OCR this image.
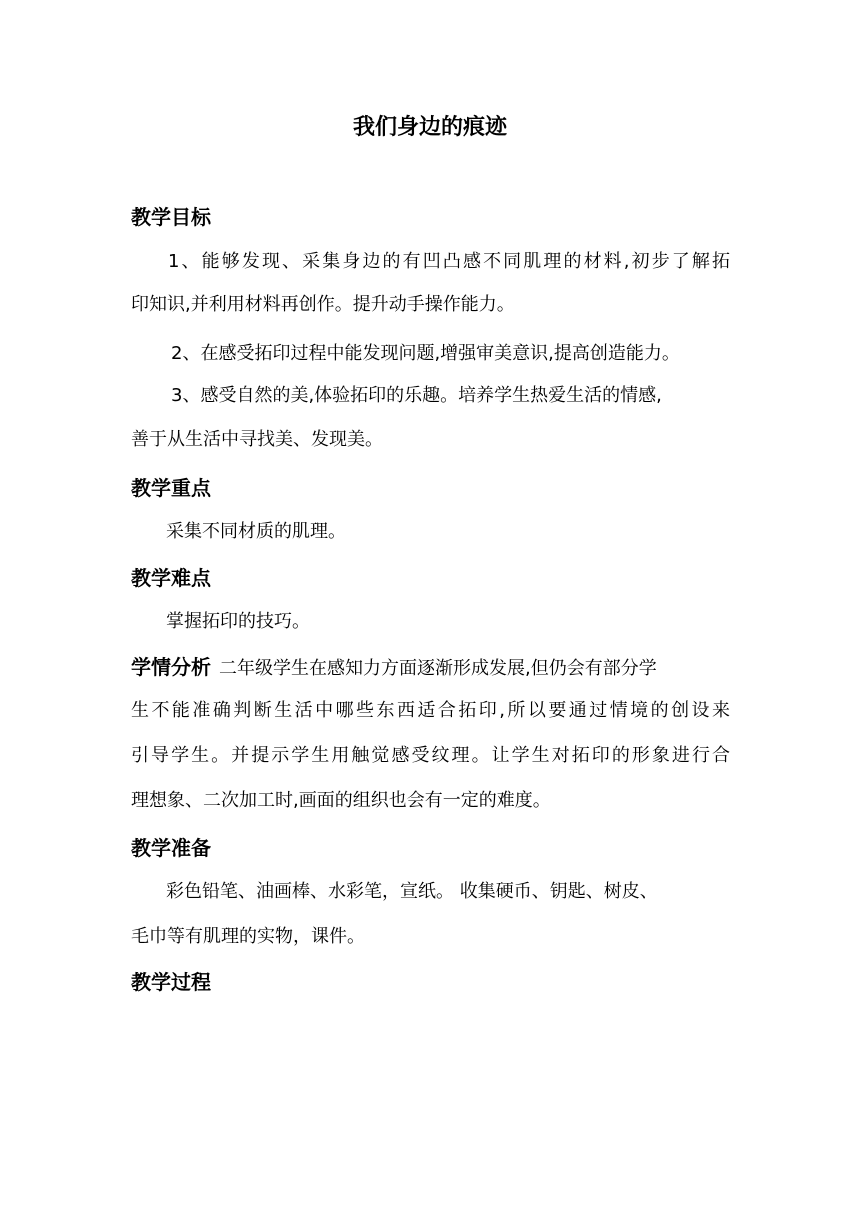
我们身边的痕迹
教学目标
1、能够发现、采集身边的有凹凸感不同肌理的材料,初步了解拓
印知识,并利用材料再创作。提升动手操作能力。
2、在感受拓印过程中能发现问题,增强审美意识,提高创造能力。
3、感受自然的美,体验拓印的乐趣。培养学生热爱生活的情感,
善于从生活中寻找美、发现美。
教学重点
采集不同材质的肌理。
教学难点
掌握拓印的技巧。
学情分析 二年级学生在感知力方面逐渐形成发展,但仍会有部分学
生不能准确判断生活中哪些东西适合拓印,所以要通过情境的创设来
引导学生。并提示学生用触觉感受纹理。让学生对拓印的形象进行合
理想象、二次加工时,画面的组织也会有一定的难度。
教学准备
彩色铅笔、油画棒、水彩笔，宣纸。 收集硬币、钥匙、树皮、
毛巾等有肌理的实物，课件。
教学过程
